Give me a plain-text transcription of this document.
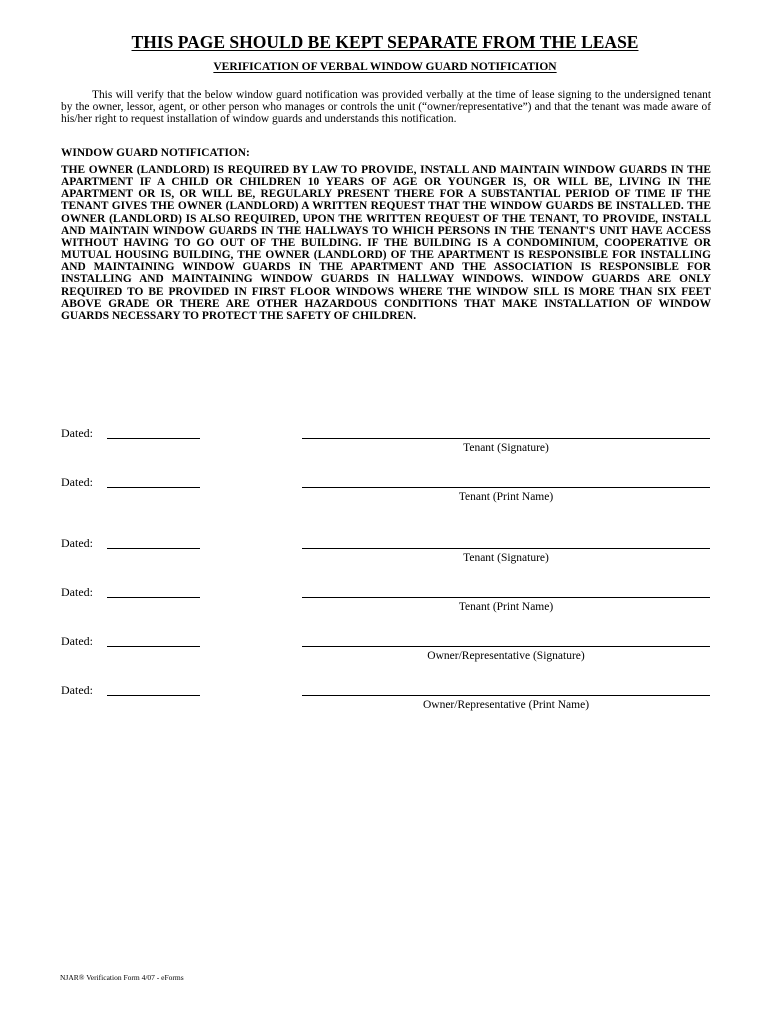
THIS PAGE SHOULD BE KEPT SEPARATE FROM THE LEASE
VERIFICATION OF VERBAL WINDOW GUARD NOTIFICATION

This will verify that the below window guard notification was provided verbally at the time of lease signing to the undersigned tenant by the owner, lessor, agent, or other person who manages or controls the unit (“owner/representative”) and that the tenant was made aware of his/her right to request installation of window guards and understands this notification.

WINDOW GUARD NOTIFICATION:

THE OWNER (LANDLORD) IS REQUIRED BY LAW TO PROVIDE, INSTALL AND MAINTAIN WINDOW GUARDS IN THE APARTMENT IF A CHILD OR CHILDREN 10 YEARS OF AGE OR YOUNGER IS, OR WILL BE, LIVING IN THE APARTMENT OR IS, OR WILL BE, REGULARLY PRESENT THERE FOR A SUBSTANTIAL PERIOD OF TIME IF THE TENANT GIVES THE OWNER (LANDLORD) A WRITTEN REQUEST THAT THE WINDOW GUARDS BE INSTALLED. THE OWNER (LANDLORD) IS ALSO REQUIRED, UPON THE WRITTEN REQUEST OF THE TENANT, TO PROVIDE, INSTALL AND MAINTAIN WINDOW GUARDS IN THE HALLWAYS TO WHICH PERSONS IN THE TENANT'S UNIT HAVE ACCESS WITHOUT HAVING TO GO OUT OF THE BUILDING. IF THE BUILDING IS A CONDOMINIUM, COOPERATIVE OR MUTUAL HOUSING BUILDING, THE OWNER (LANDLORD) OF THE APARTMENT IS RESPONSIBLE FOR INSTALLING AND MAINTAINING WINDOW GUARDS IN THE APARTMENT AND THE ASSOCIATION IS RESPONSIBLE FOR INSTALLING AND MAINTAINING WINDOW GUARDS IN HALLWAY WINDOWS. WINDOW GUARDS ARE ONLY REQUIRED TO BE PROVIDED IN FIRST FLOOR WINDOWS WHERE THE WINDOW SILL IS MORE THAN SIX FEET ABOVE GRADE OR THERE ARE OTHER HAZARDOUS CONDITIONS THAT MAKE INSTALLATION OF WINDOW GUARDS NECESSARY TO PROTECT THE SAFETY OF CHILDREN.

Dated:
Tenant (Signature)
Dated:
Tenant (Print Name)
Dated:
Tenant (Signature)
Dated:
Tenant (Print Name)
Dated:
Owner/Representative (Signature)
Dated:
Owner/Representative (Print Name)
NJAR® Verification Form 4/07 - eForms
